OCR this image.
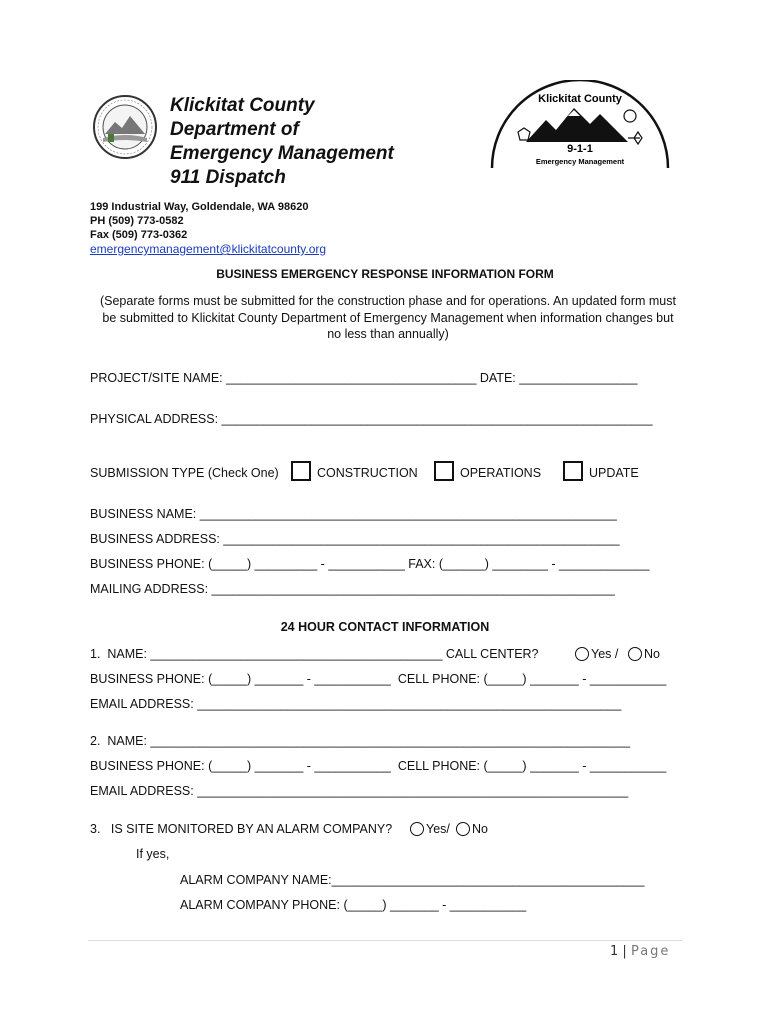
Klickitat County
Department of
Emergency Management
911 Dispatch
Klickitat County
9-1-1
Emergency Management
199 Industrial Way, Goldendale, WA 98620
PH (509) 773-0582
Fax (509) 773-0362
emergencymanagement@klickitatcounty.org
BUSINESS EMERGENCY RESPONSE INFORMATION FORM
(Separate forms must be submitted for the construction phase and for operations. An updated form must
be submitted to Klickitat County Department of Emergency Management when information changes but
no less than annually)
PROJECT/SITE NAME: ____________________________________ DATE: _________________
PHYSICAL ADDRESS: ______________________________________________________________
SUBMISSION TYPE (Check One)	CONSTRUCTION	OPERATIONS	UPDATE
BUSINESS NAME: ____________________________________________________________
BUSINESS ADDRESS: _________________________________________________________
BUSINESS PHONE: (_____) _________ - ___________ FAX: (______) ________ - _____________
MAILING ADDRESS: __________________________________________________________
24 HOUR CONTACT INFORMATION
1.  NAME: __________________________________________ CALL CENTER?	Yes / No
BUSINESS PHONE: (_____) _______ - ___________  CELL PHONE: (_____) _______ - ___________
EMAIL ADDRESS: _____________________________________________________________
2.  NAME: _____________________________________________________________________
BUSINESS PHONE: (_____) _______ - ___________  CELL PHONE: (_____) _______ - ___________
EMAIL ADDRESS: ______________________________________________________________
3.   IS SITE MONITORED BY AN ALARM COMPANY?	Yes/ No
If yes,
ALARM COMPANY NAME:_____________________________________________
ALARM COMPANY PHONE: (_____) _______ - ___________
1 | Page
